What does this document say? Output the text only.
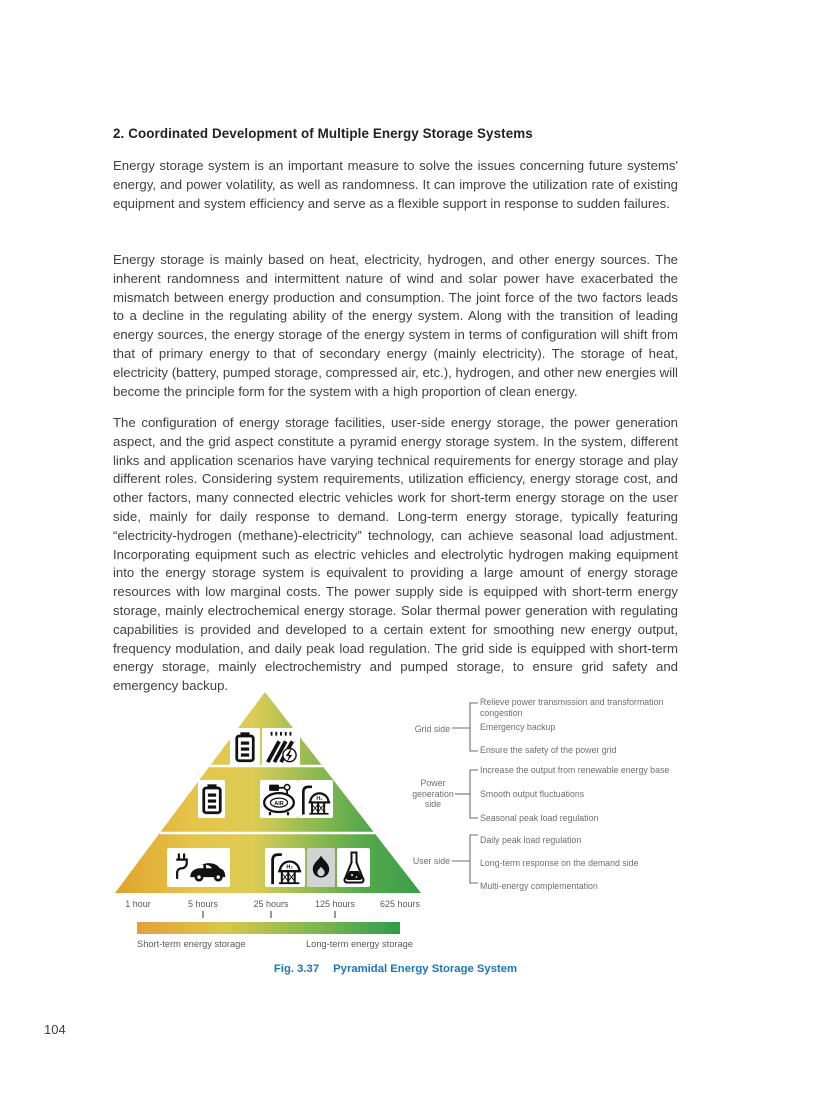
2. Coordinated Development of Multiple Energy Storage Systems

Energy storage system is an important measure to solve the issues concerning future systems' energy, and power volatility, as well as randomness. It can improve the utilization rate of existing equipment and system efficiency and serve as a flexible support in response to sudden failures.

Energy storage is mainly based on heat, electricity, hydrogen, and other energy sources. The inherent randomness and intermittent nature of wind and solar power have exacerbated the mismatch between energy production and consumption. The joint force of the two factors leads to a decline in the regulating ability of the energy system. Along with the transition of leading energy sources, the energy storage of the energy system in terms of configuration will shift from that of primary energy to that of secondary energy (mainly electricity). The storage of heat, electricity (battery, pumped storage, compressed air, etc.), hydrogen, and other new energies will become the principle form for the system with a high proportion of clean energy.

The configuration of energy storage facilities, user-side energy storage, the power generation aspect, and the grid aspect constitute a pyramid energy storage system. In the system, different links and application scenarios have varying technical requirements for energy storage and play different roles. Considering system requirements, utilization efficiency, energy storage cost, and other factors, many connected electric vehicles work for short-term energy storage on the user side, mainly for daily response to demand. Long-term energy storage, typically featuring “electricity-hydrogen (methane)-electricity” technology, can achieve seasonal load adjustment. Incorporating equipment such as electric vehicles and electrolytic hydrogen making equipment into the energy storage system is equivalent to providing a large amount of energy storage resources with low marginal costs. The power supply side is equipped with short-term energy storage, mainly electrochemical energy storage. Solar thermal power generation with regulating capabilities is provided and developed to a certain extent for smoothing new energy output, frequency modulation, and daily peak load regulation. The grid side is equipped with short-term energy storage, mainly electrochemistry and pumped storage, to ensure grid safety and emergency backup.

AIR
H₂
H₂
Grid side
Relieve power transmission and transformation congestion
Emergency backup
Ensure the safety of the power grid
Power generation side
Increase the output from renewable energy base
Smooth output fluctuations
Seasonal peak load regulation
User side
Daily peak load regulation
Long-term response on the demand side
Multi-energy complementation
1 hour	5 hours	25 hours	125 hours	625 hours
Short-term energy storage	Long-term energy storage
Fig. 3.37 Pyramidal Energy Storage System
104
